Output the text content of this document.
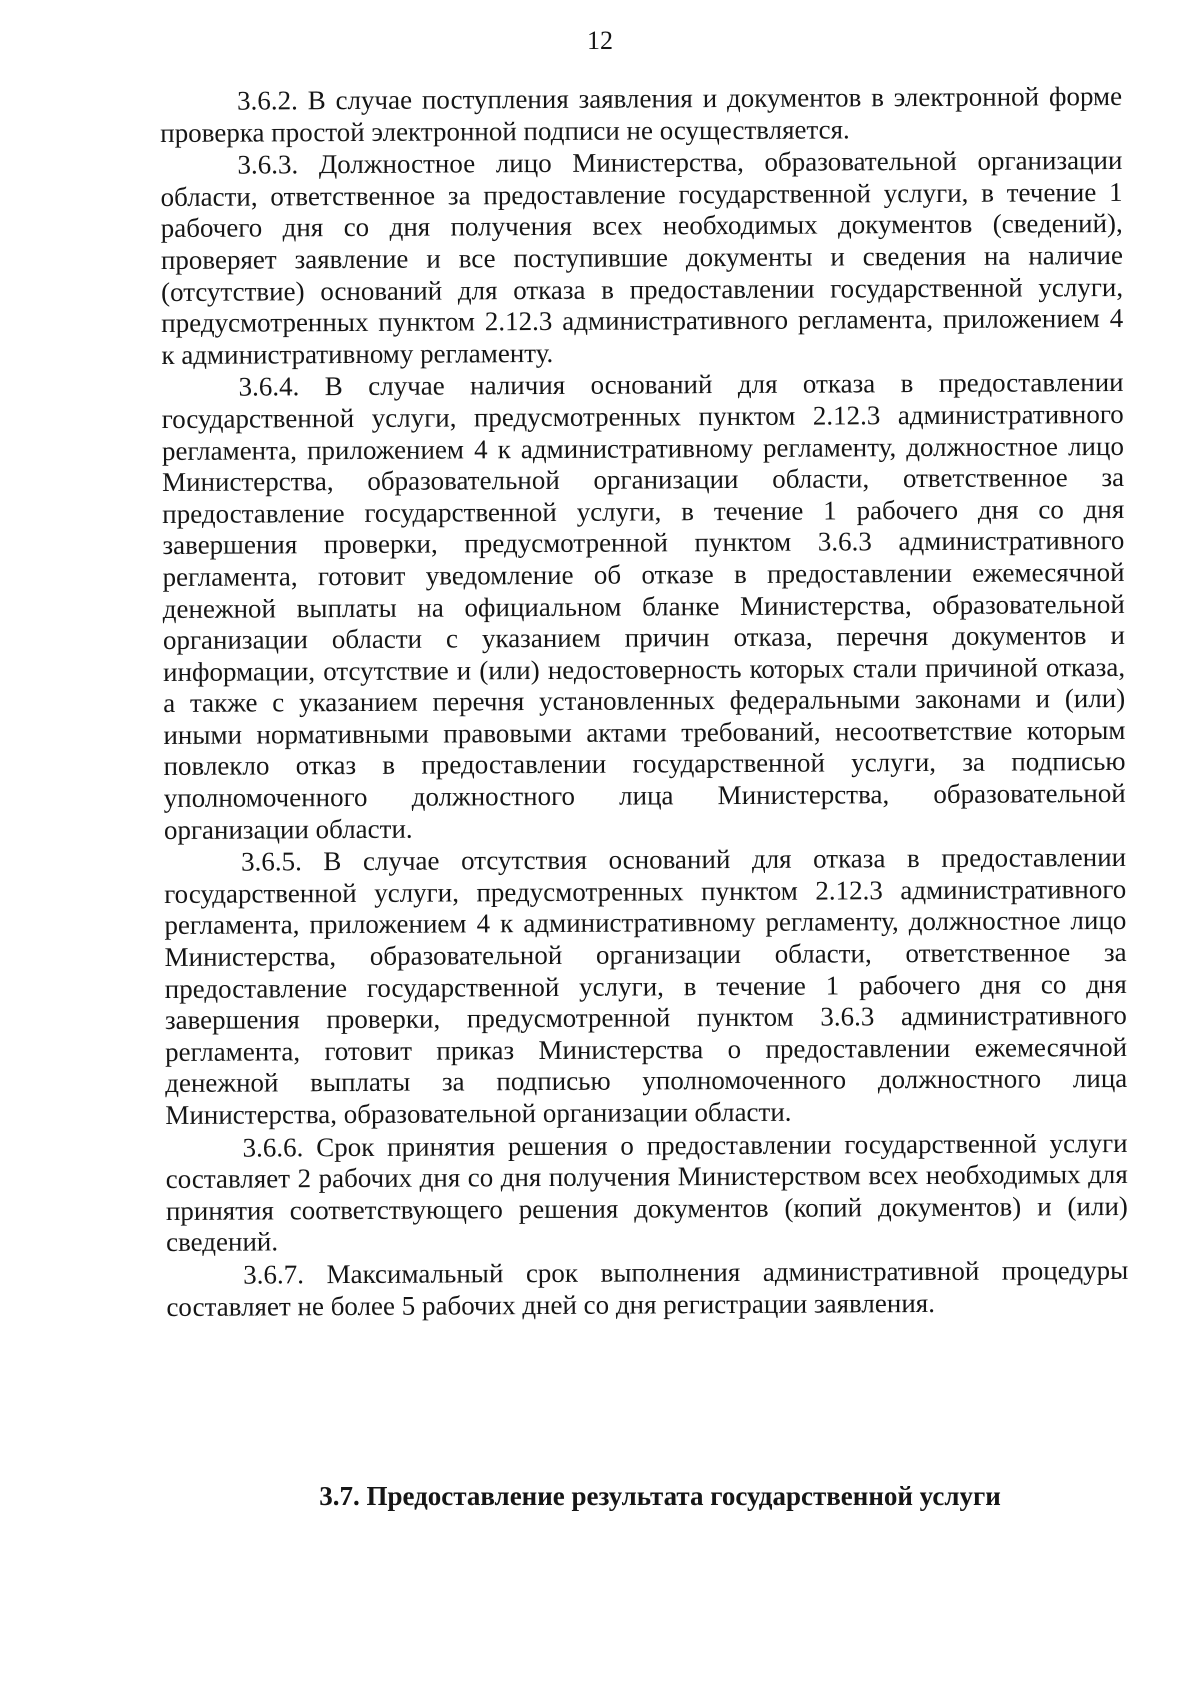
12

3.6.2. В случае поступления заявления и документов в электронной форме проверка простой электронной подписи не осуществляется.

3.6.3. Должностное лицо Министерства, образовательной организации области, ответственное за предоставление государственной услуги, в течение 1 рабочего дня со дня получения всех необходимых документов (сведений), проверяет заявление и все поступившие документы и сведения на наличие (отсутствие) оснований для отказа в предоставлении государственной услуги, предусмотренных пунктом 2.12.3 административного регламента, приложением 4 к административному регламенту.

3.6.4. В случае наличия оснований для отказа в предоставлении государственной услуги, предусмотренных пунктом 2.12.3 административного регламента, приложением 4 к административному регламенту, должностное лицо Министерства, образовательной организации области, ответственное за предоставление государственной услуги, в течение 1 рабочего дня со дня завершения проверки, предусмотренной пунктом 3.6.3 административного регламента, готовит уведомление об отказе в предоставлении ежемесячной денежной выплаты на официальном бланке Министерства, образовательной организации области с указанием причин отказа, перечня документов и информации, отсутствие и (или) недостоверность которых стали причиной отказа, а также с указанием перечня установленных федеральными законами и (или) иными нормативными правовыми актами требований, несоответствие которым повлекло отказ в предоставлении государственной услуги, за подписью уполномоченного должностного лица Министерства, образовательной организации области.

3.6.5. В случае отсутствия оснований для отказа в предоставлении государственной услуги, предусмотренных пунктом 2.12.3 административного регламента, приложением 4 к административному регламенту, должностное лицо Министерства, образовательной организации области, ответственное за предоставление государственной услуги, в течение 1 рабочего дня со дня завершения проверки, предусмотренной пунктом 3.6.3 административного регламента, готовит приказ Министерства о предоставлении ежемесячной денежной выплаты за подписью уполномоченного должностного лица Министерства, образовательной организации области.

3.6.6. Срок принятия решения о предоставлении государственной услуги составляет 2 рабочих дня со дня получения Министерством всех необходимых для принятия соответствующего решения документов (копий документов) и (или) сведений.

3.6.7. Максимальный срок выполнения административной процедуры составляет не более 5 рабочих дней со дня регистрации заявления.

3.7. Предоставление результата государственной услуги
